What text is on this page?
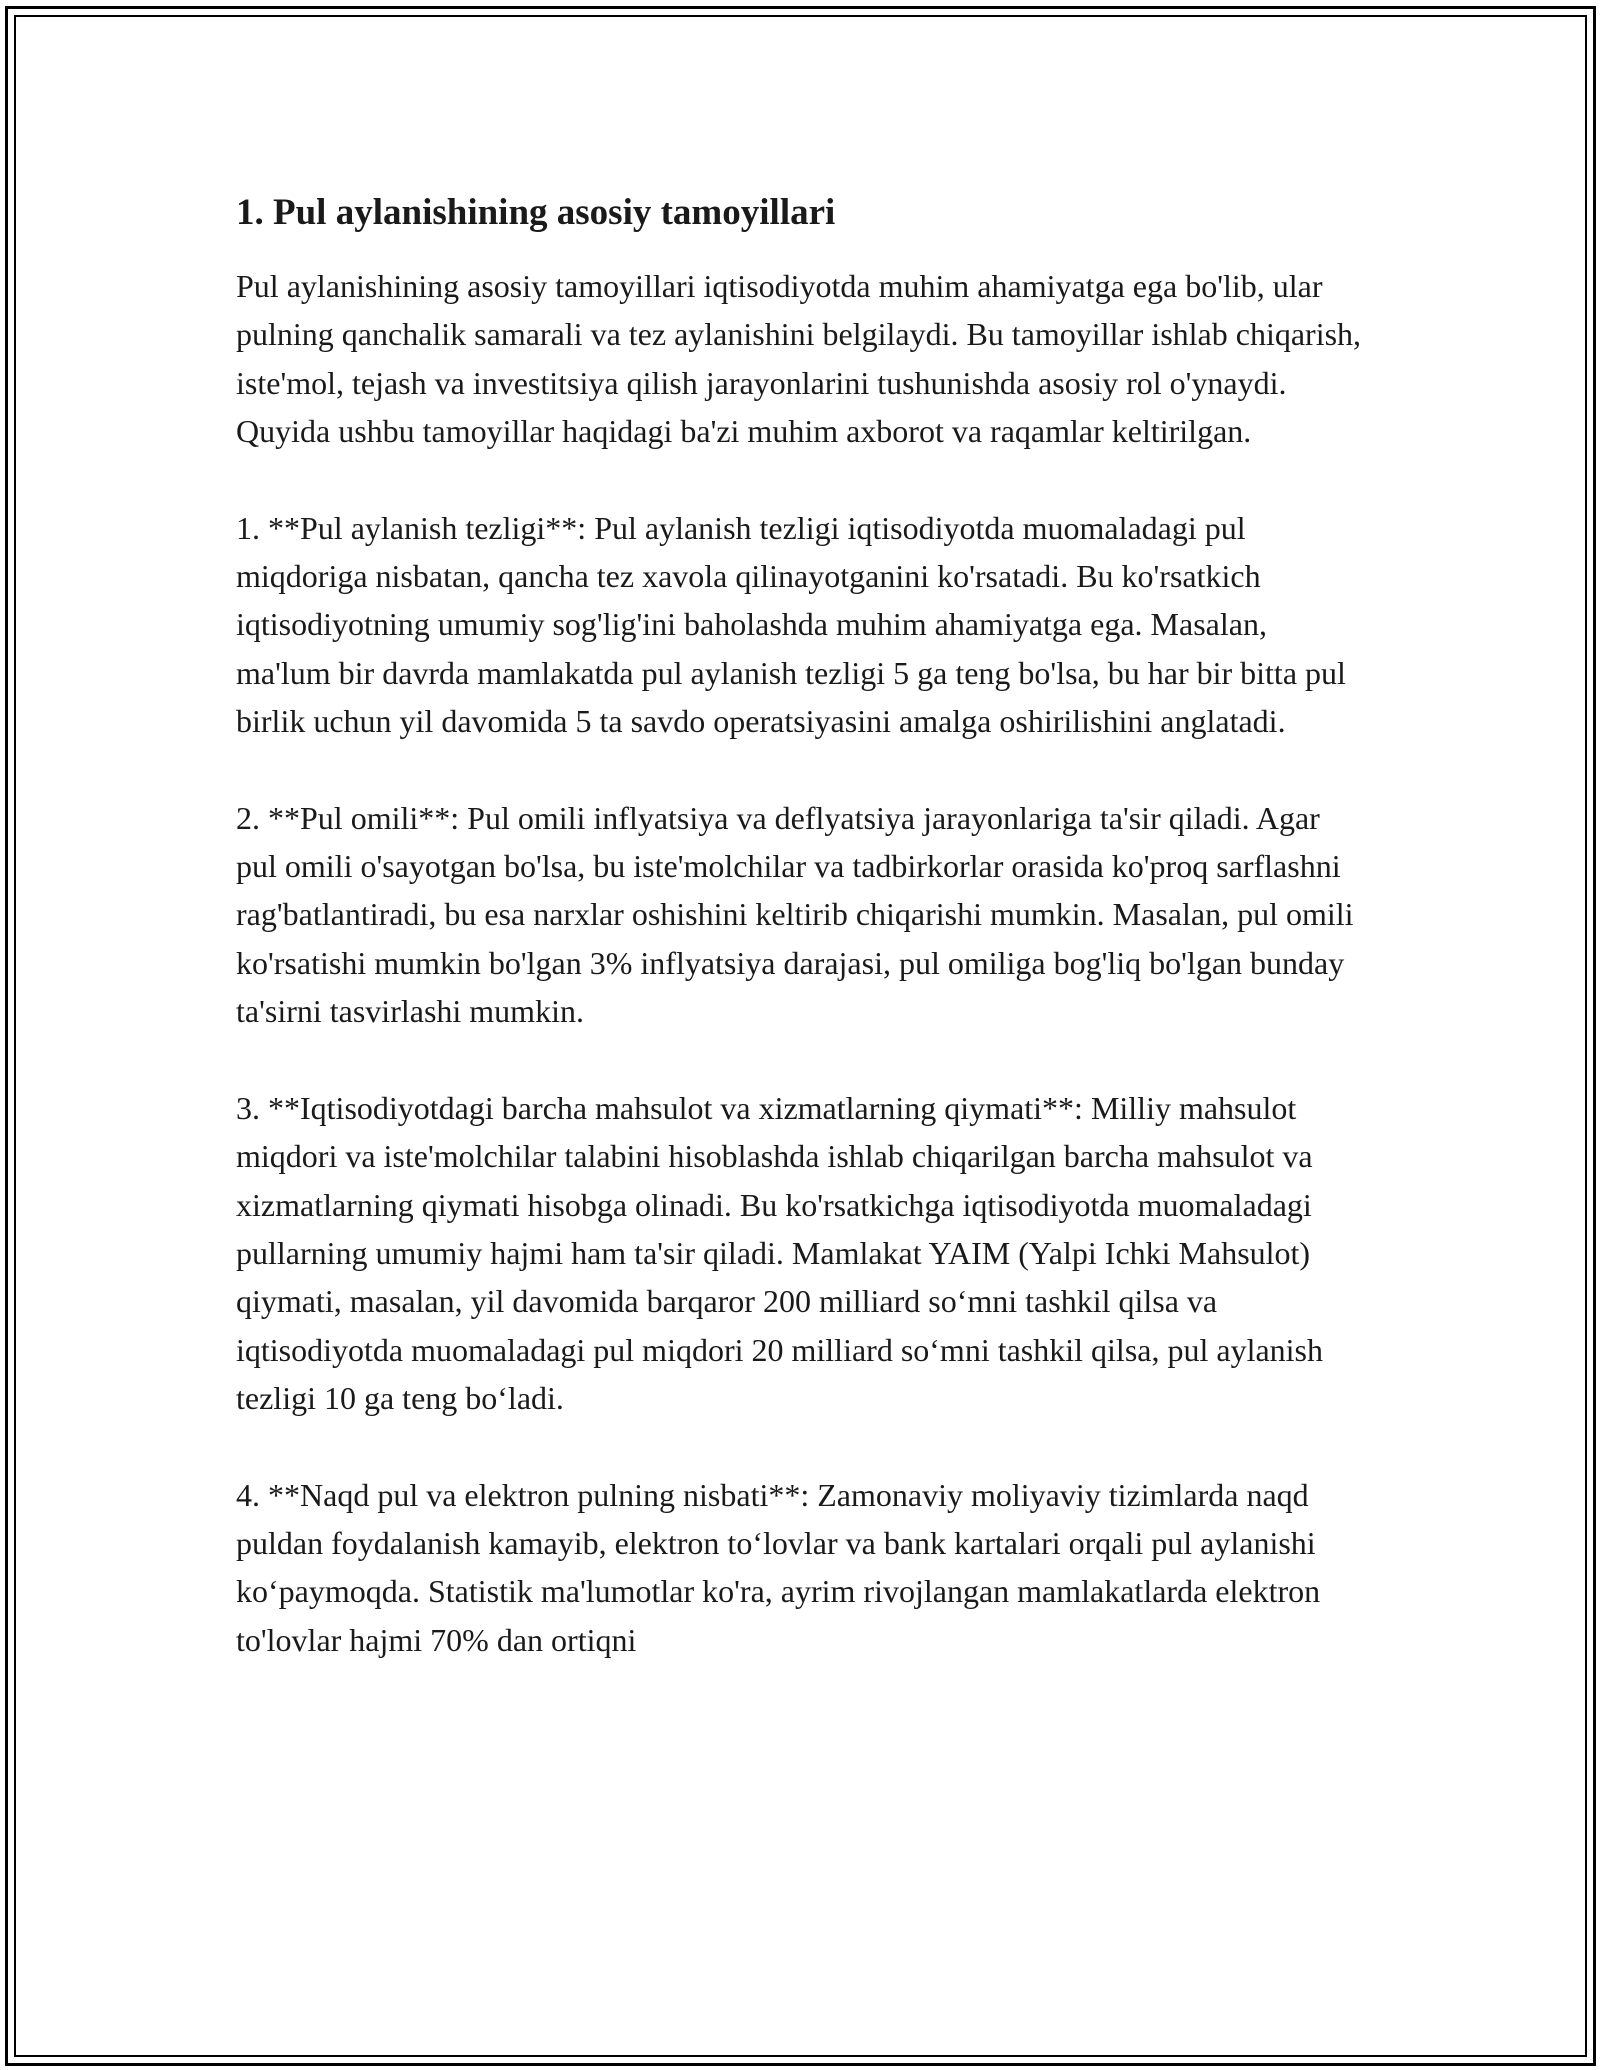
1. Pul aylanishining asosiy tamoyillari

Pul aylanishining asosiy tamoyillari iqtisodiyotda muhim ahamiyatga ega bo'lib, ular pulning qanchalik samarali va tez aylanishini belgilaydi. Bu tamoyillar ishlab chiqarish, iste'mol, tejash va investitsiya qilish jarayonlarini tushunishda asosiy rol o'ynaydi. Quyida ushbu tamoyillar haqidagi ba'zi muhim axborot va raqamlar keltirilgan.

1. **Pul aylanish tezligi**: Pul aylanish tezligi iqtisodiyotda muomaladagi pul miqdoriga nisbatan, qancha tez xavola qilinayotganini ko'rsatadi. Bu ko'rsatkich iqtisodiyotning umumiy sog'lig'ini baholashda muhim ahamiyatga ega. Masalan, ma'lum bir davrda mamlakatda pul aylanish tezligi 5 ga teng bo'lsa, bu har bir bitta pul birlik uchun yil davomida 5 ta savdo operatsiyasini amalga oshirilishini anglatadi.

2. **Pul omili**: Pul omili inflyatsiya va deflyatsiya jarayonlariga ta'sir qiladi. Agar pul omili o'sayotgan bo'lsa, bu iste'molchilar va tadbirkorlar orasida ko'proq sarflashni rag'batlantiradi, bu esa narxlar oshishini keltirib chiqarishi mumkin. Masalan, pul omili ko'rsatishi mumkin bo'lgan 3% inflyatsiya darajasi, pul omiliga bog'liq bo'lgan bunday ta'sirni tasvirlashi mumkin.

3. **Iqtisodiyotdagi barcha mahsulot va xizmatlarning qiymati**: Milliy mahsulot miqdori va iste'molchilar talabini hisoblashda ishlab chiqarilgan barcha mahsulot va xizmatlarning qiymati hisobga olinadi. Bu ko'rsatkichga iqtisodiyotda muomaladagi pullarning umumiy hajmi ham ta'sir qiladi. Mamlakat YAIM (Yalpi Ichki Mahsulot) qiymati, masalan, yil davomida barqaror 200 milliard so‘mni tashkil qilsa va iqtisodiyotda muomaladagi pul miqdori 20 milliard so‘mni tashkil qilsa, pul aylanish tezligi 10 ga teng bo‘ladi.

4. **Naqd pul va elektron pulning nisbati**: Zamonaviy moliyaviy tizimlarda naqd puldan foydalanish kamayib, elektron to‘lovlar va bank kartalari orqali pul aylanishi ko‘paymoqda. Statistik ma'lumotlar ko'ra, ayrim rivojlangan mamlakatlarda elektron to'lovlar hajmi 70% dan ortiqni
